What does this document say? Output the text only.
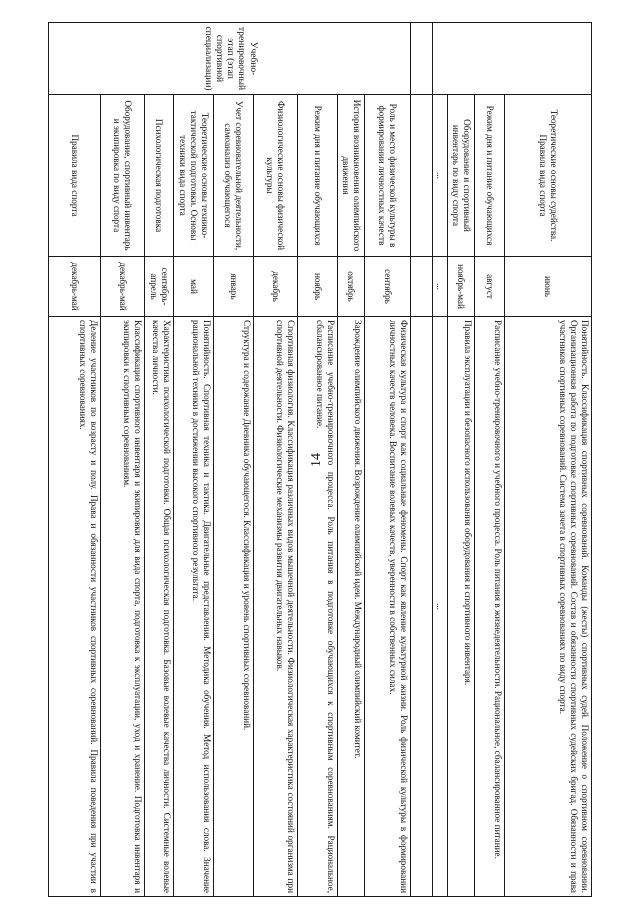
14
	Теоретические основы судейства. Правила вида спорта	июнь	Понятийность. Классификация спортивных соревнований. Команды (жесты) спортивных судей. Положение о спортивном соревновании. Организационная работа по подготовке спортивных соревнований. Состав и обязанности спортивных судейских бригад. Обязанности и права участников спортивных соревнований. Система зачета в спортивных соревнованиях по виду спорта.
	Режим дня и питание обучающихся	август	Расписание учебно-тренировочного и учебного процесса. Роль питания в жизнедеятельности. Рациональное, сбалансированное питание.
	Оборудование и спортивный инвентарь по виду спорта	ноябрь-май	Правила эксплуатации и безопасного использования оборудования и спортивного инвентаря.
	...	...	...

Учебно-тренировочный этап (этап спортивной специализации)	Роль и место физической культуры в формировании личностных качеств	сентябрь	Физическая культура и спорт как социальные феномены. Спорт как явление культурной жизни. Роль физической культуры в формировании личностных качеств человека. Воспитание волевых качеств, уверенности в собственных силах.
	История возникновения олимпийского движения	октябрь	Зарождение олимпийского движения. Возрождение олимпийской идеи. Международный олимпийский комитет.
	Режим дня и питание обучающихся	ноябрь	Расписание учебно-тренировочного процесса. Роль питания в подготовке обучающихся к спортивным соревнованиям. Рациональное, сбалансированное питание.
	Физиологические основы физической культуры	декабрь	Спортивная физиология. Классификация различных видов мышечной деятельности. Физиологическая характеристика состояний организма при спортивной деятельности. Физиологические механизмы развития двигательных навыков.
	Учет соревновательной деятельности, самоанализ обучающегося	январь	Структура и содержание Дневника обучающегося. Классификация и уровень спортивных соревнований.
	Теоретические основы технико-тактической подготовки. Основы техники вида спорта	май	Понятийность. Спортивная техника и тактика. Двигательные представления. Методика обучения. Метод использования слова. Значение рациональной техники в достижении высокого спортивного результата.
	Психологическая подготовка	сентябрь-апрель	Характеристика психологической подготовки. Общая психологическая подготовка. Базовые волевые качества личности. Системные волевые качества личности.
	Оборудование, спортивный инвентарь и экипировка по виду спорта	декабрь-май	Классификация спортивного инвентаря и экипировки для вида спорта, подготовка к эксплуатации, уход и хранение. Подготовка инвентаря и экипировки к спортивным соревнованиям.
	Правила вида спорта	декабрь-май	Деление участников по возрасту и полу. Права и обязанности участников спортивных соревнований. Правила поведения при участии в спортивных соревнованиях.
